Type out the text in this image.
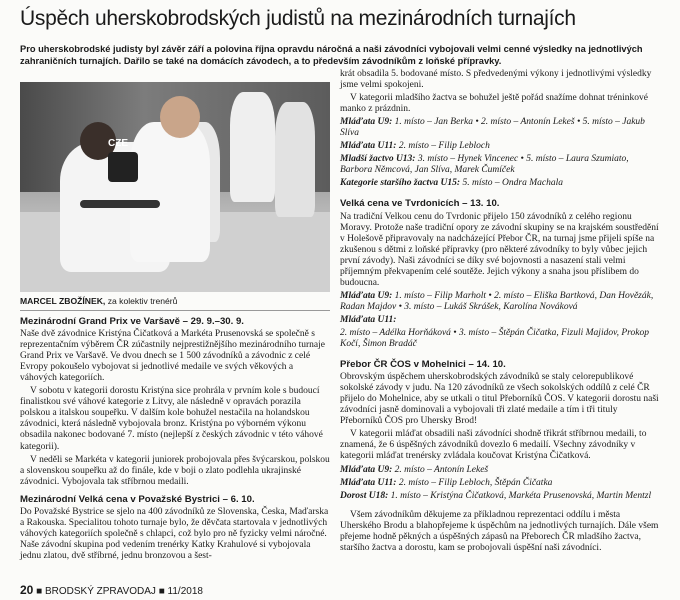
Úspěch uherskobrodských judistů na mezinárodních turnajích

Pro uherskobrodské judisty byl závěr září a polovina října opravdu náročná a naši závodníci vybojovali velmi cenné výsledky na jednotlivých zahraničních turnajích. Dařilo se také na domácích závodech, a to především závodníkům z loňské přípravky.

CZE
MARCEL ZBOŽÍNEK, za kolektiv trenérů

Mezinárodní Grand Prix ve Varšavě – 29. 9.–30. 9.

Naše dvě závodnice Kristýna Čičatková a Markéta Prusenovská se společně s reprezentačním výběrem ČR zúčastnily nejprestižnějšího mezinárodního turnaje Grand Prix ve Varšavě. Ve dvou dnech se 1 500 závodníků a závodnic z celé Evropy pokoušelo vybojovat si jednotlivé medaile ve svých věkových a váhových kategoriích.

V sobotu v kategorii dorostu Kristýna sice prohrála v prvním kole s budoucí finalistkou své váhové kategorie z Litvy, ale následně v opravách porazila polskou a italskou soupeřku. V dalším kole bohužel nestačila na holandskou závodnici, která následně vybojovala bronz. Kristýna po výborném výkonu obsadila nakonec bodované 7. místo (nejlepší z českých závodnic v této váhové kategorii).

V neděli se Markéta v kategorii juniorek probojovala přes švýcarskou, polskou a slovenskou soupeřku až do finále, kde v boji o zlato podlehla ukrajinské závodnici. Vybojovala tak stříbrnou medaili.

Mezinárodní Velká cena v Považské Bystrici – 6. 10.

Do Považské Bystrice se sjelo na 400 závodníků ze Slovenska, Česka, Maďarska a Rakouska. Specialitou tohoto turnaje bylo, že děvčata startovala v jednotlivých váhových kategoriích společně s chlapci, což bylo pro ně fyzicky velmi náročné. Naše závodní skupina pod vedením trenérky Katky Krahulové si vybojovala jednu zlatou, dvě stříbrné, jednu bronzovou a šest-

krát obsadila 5. bodované místo. S předvedenými výkony i jednotlivými výsledky jsme velmi spokojeni.

V kategorii mladšího žactva se bohužel ještě pořád snažíme dohnat tréninkové manko z prázdnin.

Mláďata U9: 1. místo – Jan Berka • 2. místo – Antonín Lekeš • 5. místo – Jakub Slíva

Mláďata U11: 2. místo – Filip Lebloch

Mladší žactvo U13: 3. místo – Hynek Vincenec • 5. místo – Laura Szumiato, Barbora Němcová, Jan Slíva, Marek Čumíček

Kategorie staršího žactva U15: 5. místo – Ondra Machala

Velká cena ve Tvrdonicích – 13. 10.

Na tradiční Velkou cenu do Tvrdonic přijelo 150 závodníků z celého regionu Moravy. Protože naše tradiční opory ze závodní skupiny se na krajském soustředění v Holešově připravovaly na nadcházející Přebor ČR, na turnaj jsme přijeli spíše na zkušenou s dětmi z loňské přípravky (pro některé závodníky to byly vůbec jejich první závody). Naši závodníci se díky své bojovnosti a nasazení stali velmi příjemným překvapením celé soutěže. Jejich výkony a snaha jsou příslibem do budoucna.

Mláďata U9: 1. místo – Filip Marholt • 2. místo – Eliška Bartková, Dan Hovězák, Radan Majdov • 3. místo – Lukáš Skrášek, Karolína Nováková

Mláďata U11:

2. místo – Adélka Horňáková • 3. místo – Štěpán Čičatka, Fizuli Majidov, Prokop Kočí, Šimon Bradáč

Přebor ČR ČOS v Mohelnici – 14. 10.

Obrovským úspěchem uherskobrodských závodníků se staly celorepublikové sokolské závody v judu. Na 120 závodníků ze všech sokolských oddílů z celé ČR přijelo do Mohelnice, aby se utkali o titul Přeborníků ČOS. V kategorii dorostu naši závodníci jasně dominovali a vybojovali tři zlaté medaile a tím i tři tituly Přeborníků ČOS pro Uhersky Brod!

V kategorii mláďat obsadili naši závodníci shodně třikrát stříbrnou medaili, to znamená, že 6 úspěšných závodníků dovezlo 6 medailí. Všechny závodníky v kategorii mláďat trenérsky zvládala koučovat Kristýna Čičatková.

Mláďata U9: 2. místo – Antonín Lekeš

Mláďata U11: 2. místo – Filip Lebloch, Štěpán Čičatka

Dorost U18: 1. místo – Kristýna Čičatková, Markéta Prusenovská, Martin Mentzl

Všem závodníkům děkujeme za příkladnou reprezentaci oddílu i města Uherského Brodu a blahopřejeme k úspěchům na jednotlivých turnajích. Dále všem přejeme hodně pěkných a úspěšných zápasů na Přeborech ČR mladšího žactva, staršího žactva a dorostu, kam se probojovali úspěšní naši závodníci.

20 ■ BRODSKÝ ZPRAVODAJ ■ 11/2018
